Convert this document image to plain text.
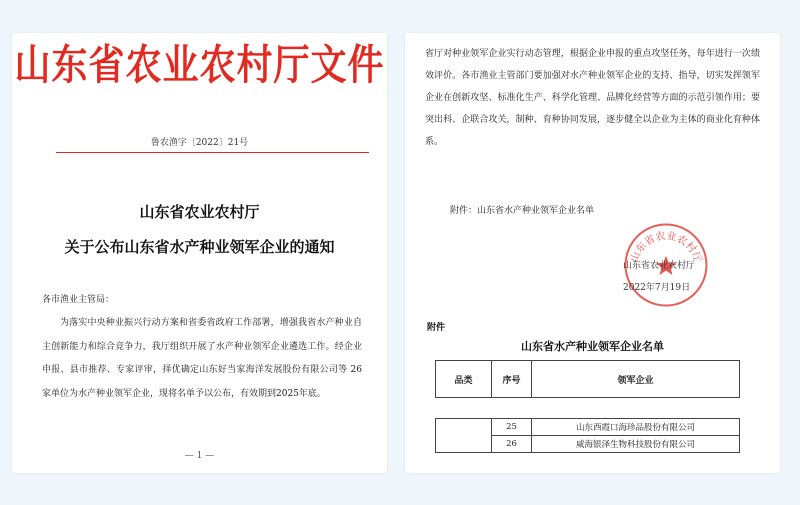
山东省农业农村厅文件
鲁农渔字〔2022〕21号
山东省农业农村厅
关于公布山东省水产种业领军企业的通知
各市渔业主管局：
为落实中央种业振兴行动方案和省委省政府工作部署，增强我省水产种业自主创新能力和综合竞争力，我厅组织开展了水产种业领军企业遴选工作。经企业申报、县市推荐、专家评审，择优确定山东好当家海洋发展股份有限公司等 26 家单位为水产种业领军企业，现将名单予以公布，有效期到2025年底。
— 1 —
省厅对种业领军企业实行动态管理，根据企业申报的重点攻坚任务，每年进行一次绩效评价。各市渔业主管部门要加强对水产种业领军企业的支持、指导，切实发挥领军企业在创新攻坚、标准化生产、科学化管理、品牌化经营等方面的示范引领作用；要突出科、企联合攻关，制种、育种协同发展，逐步健全以企业为主体的商业化育种体系。
附件：山东省水产种业领军企业名单
山东省农业农村厅
山东省农业农村厅
2022年7月19日
附件
山东省水产种业领军企业名单
品类	序号	领军企业

	25	山东西霞口海珍品股份有限公司
	26	威海银泽生物科技股份有限公司
